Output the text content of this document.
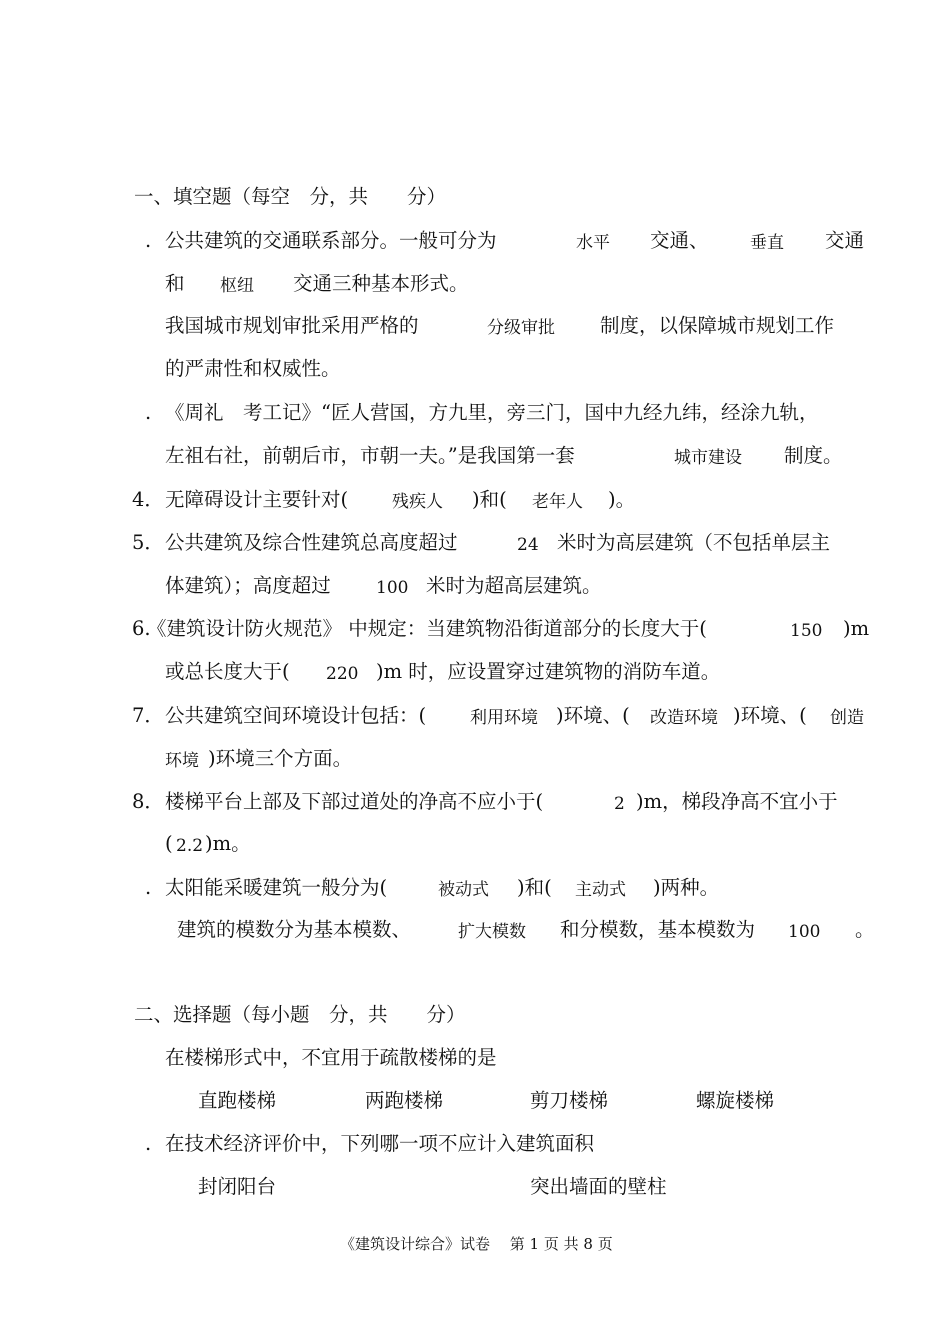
一、填空题（每空　分，共　　分）
. 公共建筑的交通联系部分。一般可分为	水平 交通、 垂直 交通
和 枢纽 交通三种基本形式。
我国城市规划审批采用严格的	分级审批 制度，以保障城市规划工作
的严肃性和权威性。
. 《周礼　考工记》“匠人营国，方九里，旁三门，国中九经九纬，经涂九轨，
左祖右社，前朝后市，市朝一夫。”是我国第一套	城市建设 制度。
4． 无障碍设计主要针对(	残疾人 )和( 老年人 )。
5． 公共建筑及综合性建筑总高度超过	24 米时为高层建筑（不包括单层主
体建筑）；高度超过	100 米时为超高层建筑。
6.
《建筑设计防火规范》 中规定：当建筑物沿街道部分的长度大于(	150 )m
或总长度大于( 220 )m 时，应设置穿过建筑物的消防车道。
7． 公共建筑空间环境设计包括：(	利用环境 )环境、( 改造环境 )环境、( 创造
环境 )环境三个方面。
8． 楼梯平台上部及下部过道处的净高不应小于(	2 )m，梯段净高不宜小于
( 2.2 )m。
. 太阳能采暖建筑一般分为(	被动式 )和( 主动式 )两种。
建筑的模数分为基本模数、	扩大模数 和分模数，基本模数为 100 。
二、选择题（每小题　分，共　　分）
在楼梯形式中，不宜用于疏散楼梯的是
直跑楼梯	两跑楼梯	剪刀楼梯	螺旋楼梯
. 在技术经济评价中，下列哪一项不应计入建筑面积
封闭阳台	突出墙面的壁柱
《建筑设计综合》试卷　 第 1 页 共 8 页
